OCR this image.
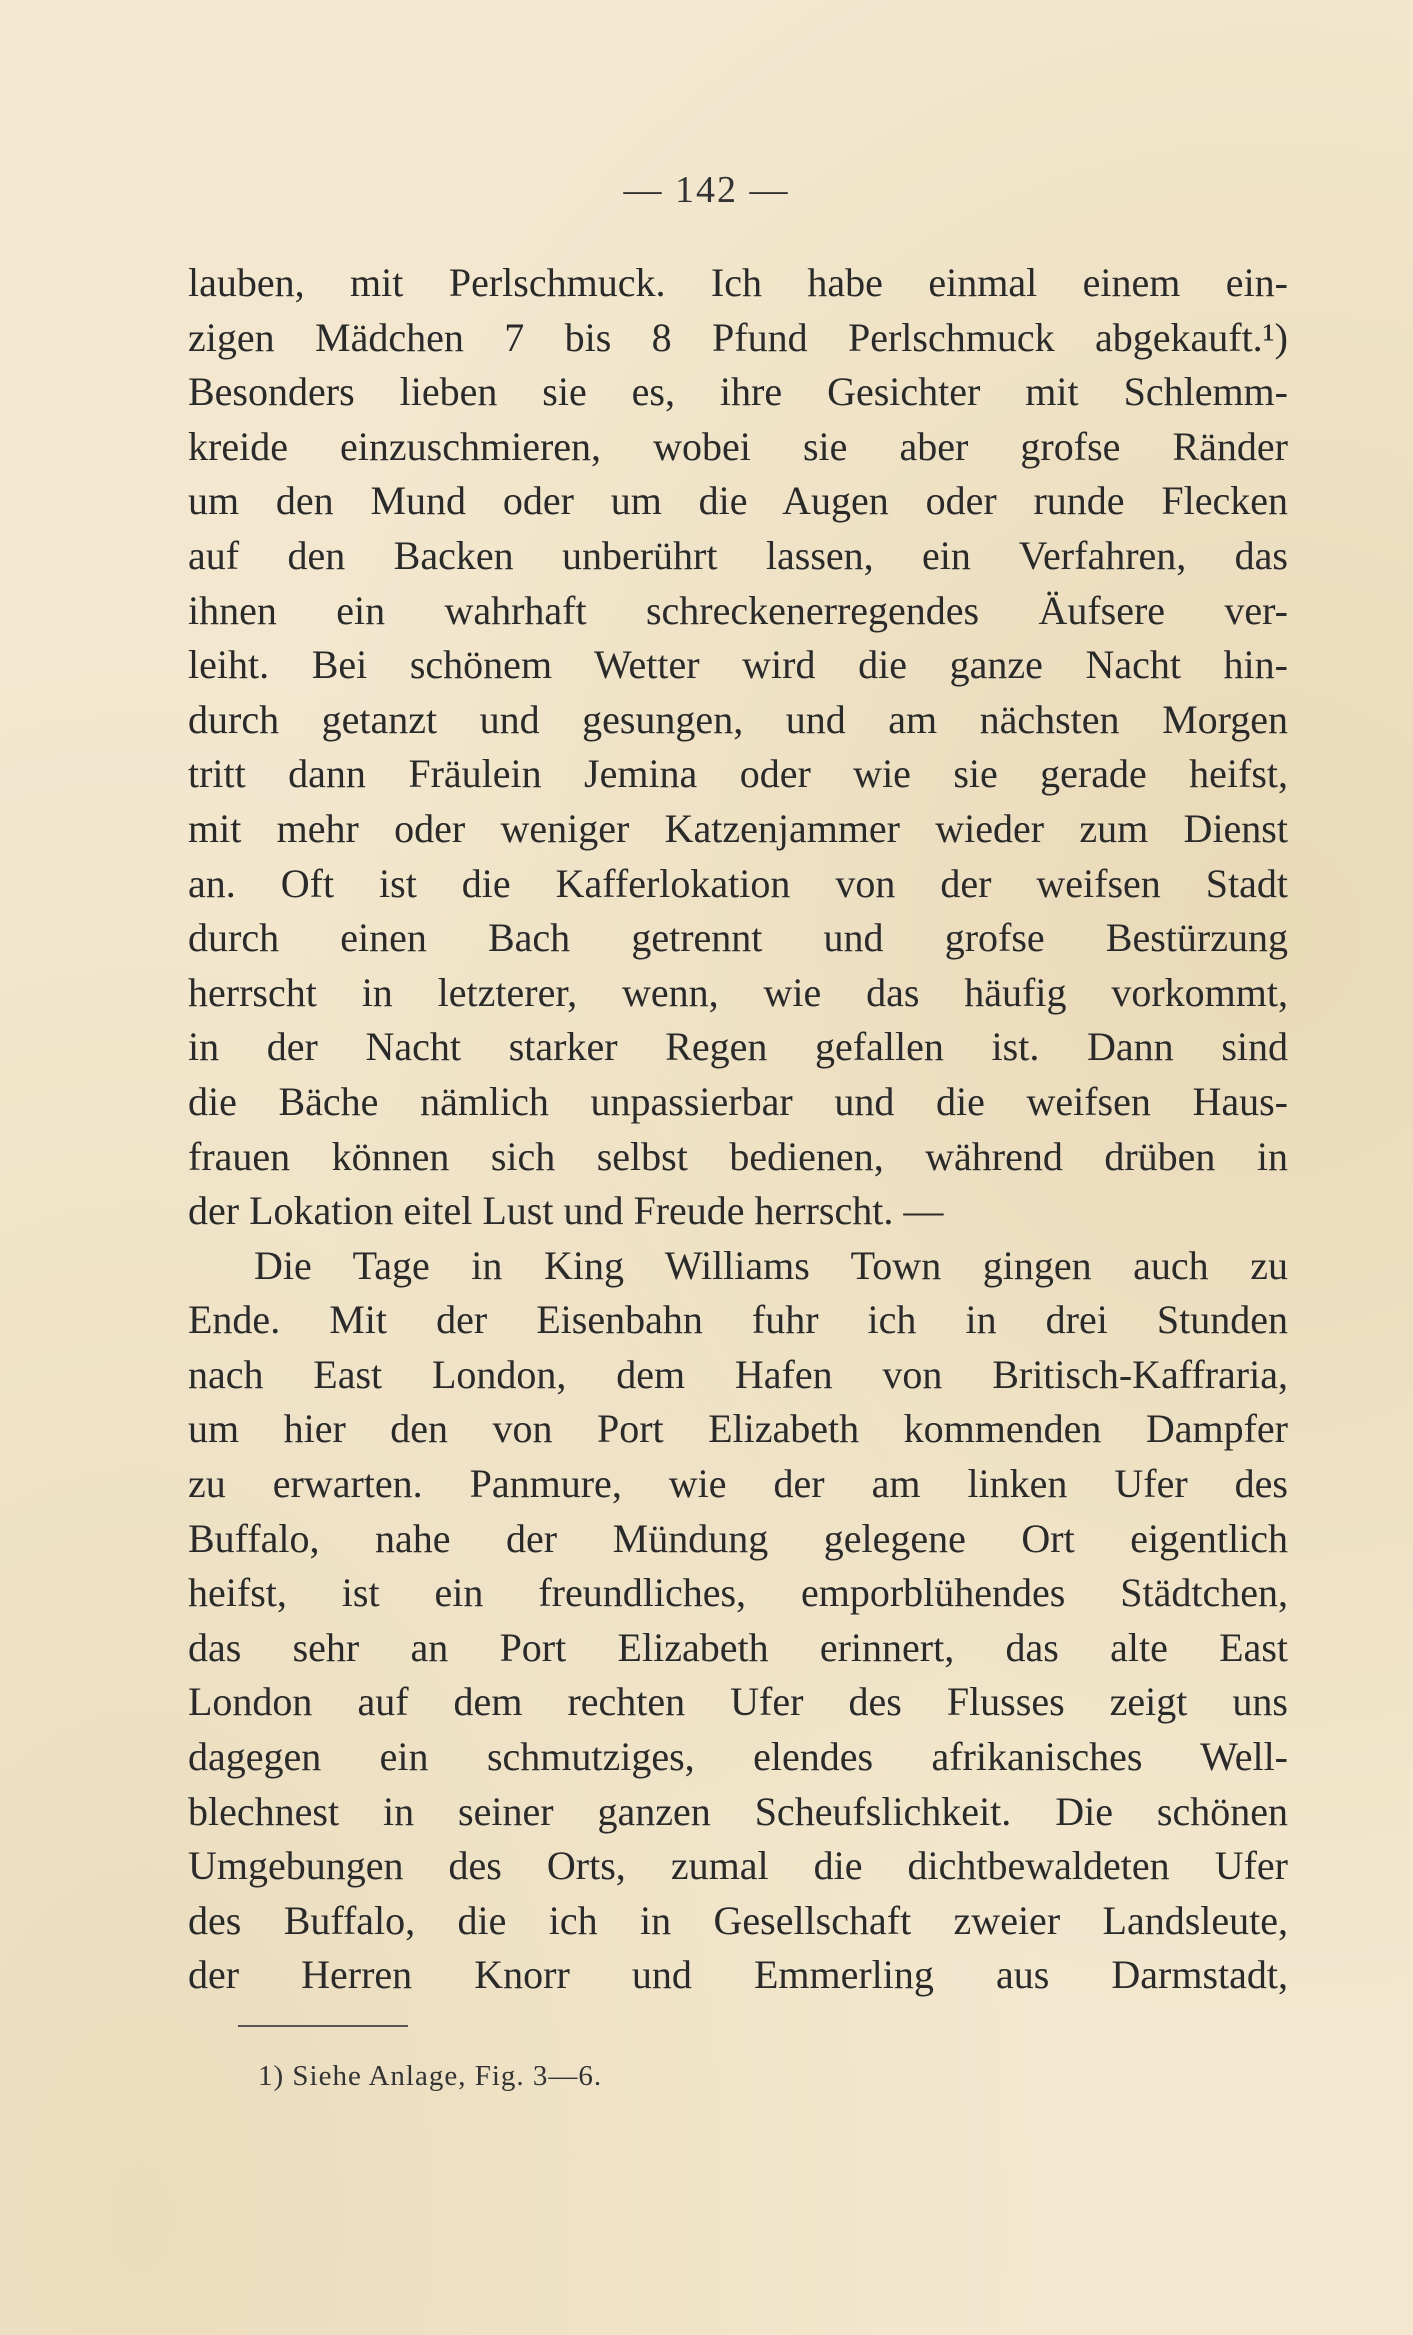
— 142 —
lauben, mit Perlschmuck. Ich habe einmal einem ein-
zigen Mädchen 7 bis 8 Pfund Perlschmuck abgekauft.¹)
Besonders lieben sie es, ihre Gesichter mit Schlemm-
kreide einzuschmieren, wobei sie aber grofse Ränder
um den Mund oder um die Augen oder runde Flecken
auf den Backen unberührt lassen, ein Verfahren, das
ihnen ein wahrhaft schreckenerregendes Äufsere ver-
leiht. Bei schönem Wetter wird die ganze Nacht hin-
durch getanzt und gesungen, und am nächsten Morgen
tritt dann Fräulein Jemina oder wie sie gerade heifst,
mit mehr oder weniger Katzenjammer wieder zum Dienst
an. Oft ist die Kafferlokation von der weifsen Stadt
durch einen Bach getrennt und grofse Bestürzung
herrscht in letzterer, wenn, wie das häufig vorkommt,
in der Nacht starker Regen gefallen ist. Dann sind
die Bäche nämlich unpassierbar und die weifsen Haus-
frauen können sich selbst bedienen, während drüben in
der Lokation eitel Lust und Freude herrscht. —
Die Tage in King Williams Town gingen auch zu
Ende. Mit der Eisenbahn fuhr ich in drei Stunden
nach East London, dem Hafen von Britisch-Kaffraria,
um hier den von Port Elizabeth kommenden Dampfer
zu erwarten. Panmure, wie der am linken Ufer des
Buffalo, nahe der Mündung gelegene Ort eigentlich
heifst, ist ein freundliches, emporblühendes Städtchen,
das sehr an Port Elizabeth erinnert, das alte East
London auf dem rechten Ufer des Flusses zeigt uns
dagegen ein schmutziges, elendes afrikanisches Well-
blechnest in seiner ganzen Scheufslichkeit. Die schönen
Umgebungen des Orts, zumal die dichtbewaldeten Ufer
des Buffalo, die ich in Gesellschaft zweier Landsleute,
der Herren Knorr und Emmerling aus Darmstadt,
1) Siehe Anlage, Fig. 3—6.
